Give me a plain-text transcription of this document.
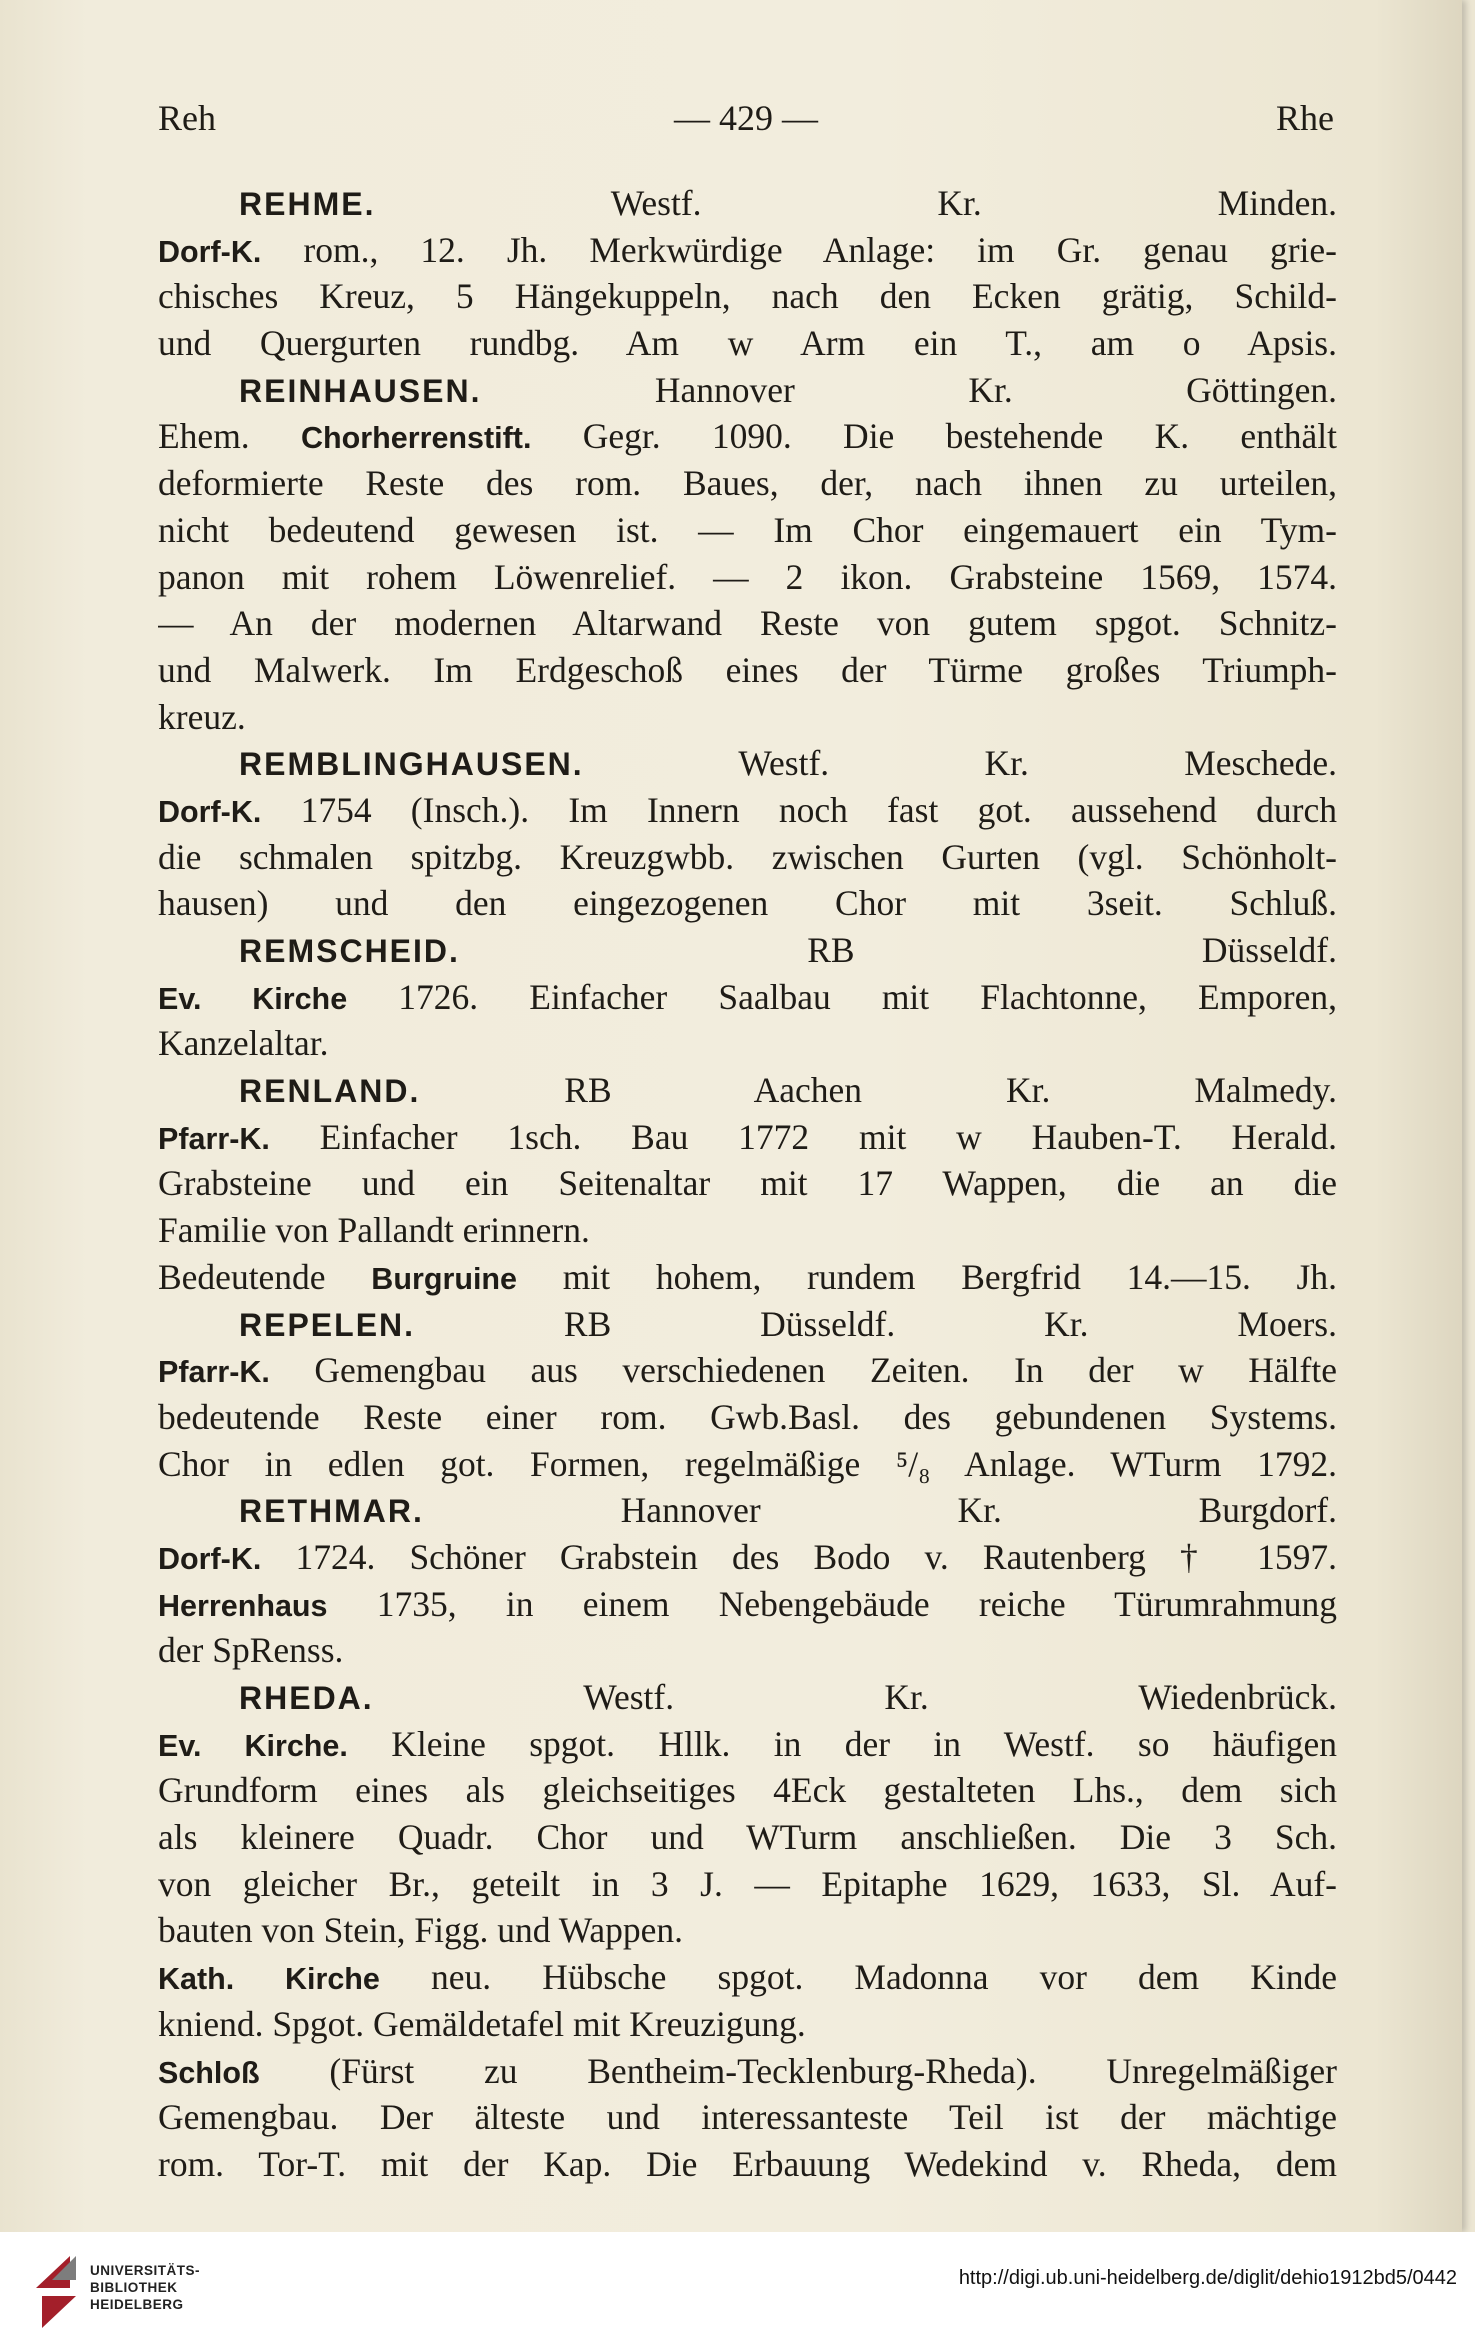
Reh	— 429 —	Rhe
REHME. Westf. Kr. Minden.
Dorf-K. rom., 12. Jh. Merkwürdige Anlage: im Gr. genau grie-
chisches Kreuz, 5 Hängekuppeln, nach den Ecken grätig, Schild-
und Quergurten rundbg. Am w Arm ein T., am o Apsis.
REINHAUSEN. Hannover Kr. Göttingen.
Ehem. Chorherrenstift. Gegr. 1090. Die bestehende K. enthält
deformierte Reste des rom. Baues, der, nach ihnen zu urteilen,
nicht bedeutend gewesen ist. — Im Chor eingemauert ein Tym-
panon mit rohem Löwenrelief. — 2 ikon. Grabsteine 1569, 1574.
— An der modernen Altarwand Reste von gutem spgot. Schnitz-
und Malwerk. Im Erdgeschoß eines der Türme großes Triumph-
kreuz.
REMBLINGHAUSEN. Westf. Kr. Meschede.
Dorf-K. 1754 (Insch.). Im Innern noch fast got. aussehend durch
die schmalen spitzbg. Kreuzgwbb. zwischen Gurten (vgl. Schönholt-
hausen) und den eingezogenen Chor mit 3seit. Schluß.
REMSCHEID. RB Düsseldf.
Ev. Kirche 1726. Einfacher Saalbau mit Flachtonne, Emporen,
Kanzelaltar.
RENLAND. RB Aachen Kr. Malmedy.
Pfarr-K. Einfacher 1sch. Bau 1772 mit w Hauben-T. Herald.
Grabsteine und ein Seitenaltar mit 17 Wappen, die an die
Familie von Pallandt erinnern.
Bedeutende Burgruine mit hohem, rundem Bergfrid 14.—15. Jh.
REPELEN. RB Düsseldf. Kr. Moers.
Pfarr-K. Gemengbau aus verschiedenen Zeiten. In der w Hälfte
bedeutende Reste einer rom. Gwb.Basl. des gebundenen Systems.
Chor in edlen got. Formen, regelmäßige ⁵/₈ Anlage. WTurm 1792.
RETHMAR. Hannover Kr. Burgdorf.
Dorf-K. 1724. Schöner Grabstein des Bodo v. Rautenberg † 1597.
Herrenhaus 1735, in einem Nebengebäude reiche Türumrahmung
der SpRenss.
RHEDA. Westf. Kr. Wiedenbrück.
Ev. Kirche. Kleine spgot. Hllk. in der in Westf. so häufigen
Grundform eines als gleichseitiges 4Eck gestalteten Lhs., dem sich
als kleinere Quadr. Chor und WTurm anschließen. Die 3 Sch.
von gleicher Br., geteilt in 3 J. — Epitaphe 1629, 1633, Sl. Auf-
bauten von Stein, Figg. und Wappen.
Kath. Kirche neu. Hübsche spgot. Madonna vor dem Kinde
kniend. Spgot. Gemäldetafel mit Kreuzigung.
Schloß (Fürst zu Bentheim-Tecklenburg-Rheda). Unregelmäßiger
Gemengbau. Der älteste und interessanteste Teil ist der mächtige
rom. Tor-T. mit der Kap. Die Erbauung Wedekind v. Rheda, dem
UNIVERSITÄTS-
BIBLIOTHEK
HEIDELBERG
http://digi.ub.uni-heidelberg.de/diglit/dehio1912bd5/0442
